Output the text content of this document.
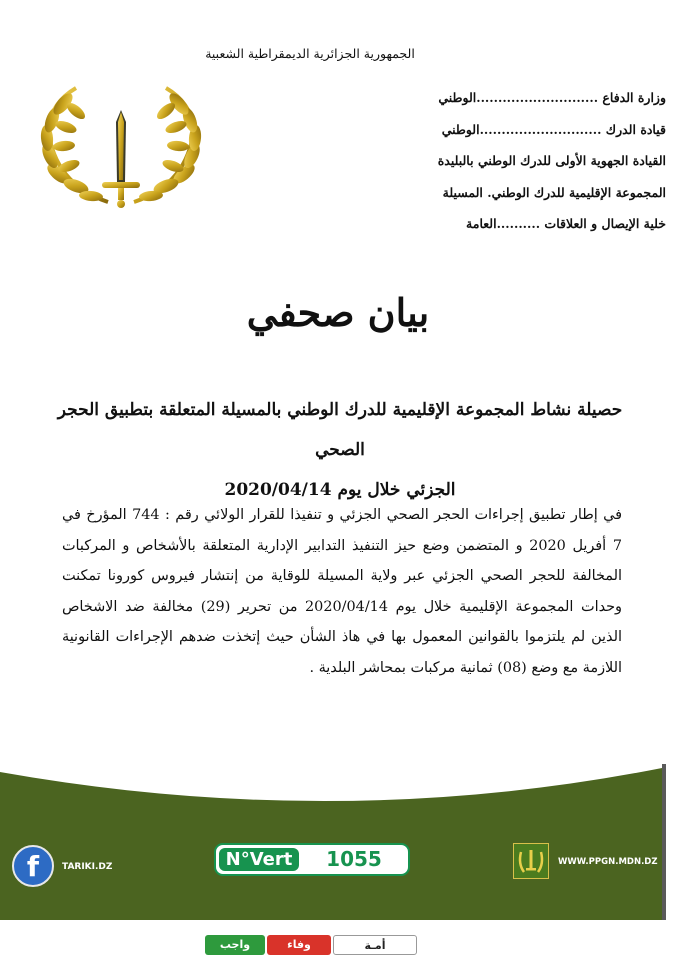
الجمهورية الجزائرية الديمقراطية الشعبية
وزارة الدفاع ............................الوطني
قيادة الدرك ............................الوطني
القيادة الجهوية الأولى للدرك الوطني بالبليدة
المجموعة الإقليمية للدرك الوطني. المسيلة
خلية الإيصال و العلاقات ..........العامة
بيان صحفي
حصيلة نشاط المجموعة الإقليمية للدرك الوطني بالمسيلة المتعلقة بتطبيق الحجر الصحي
الجزئي خلال يوم 2020/04/14
في إطار تطبيق إجراءات الحجر الصحي الجزئي و تنفيذا للقرار الولائي رقم : 744 المؤرخ في 7 أفريل 2020 و المتضمن وضع حيز التنفيذ التدابير الإدارية المتعلقة بالأشخاص و المركبات المخالفة للحجر الصحي الجزئي عبر ولاية المسيلة للوقاية من إنتشار فيروس كورونا تمكنت وحدات المجموعة الإقليمية خلال يوم 2020/04/14 من تحرير (29) مخالفة ضد الاشخاص الذين لم يلتزموا بالقوانين المعمول بها في هاذ الشأن حيث إتخذت ضدهم الإجراءات القانونية اللازمة مع وضع (08) ثمانية مركبات بمحاشر البلدية .
f	TARIKI.DZ	N°Vert	1055	WWW.PPGN.MDN.DZ
واجب	وفاء	أمـة
